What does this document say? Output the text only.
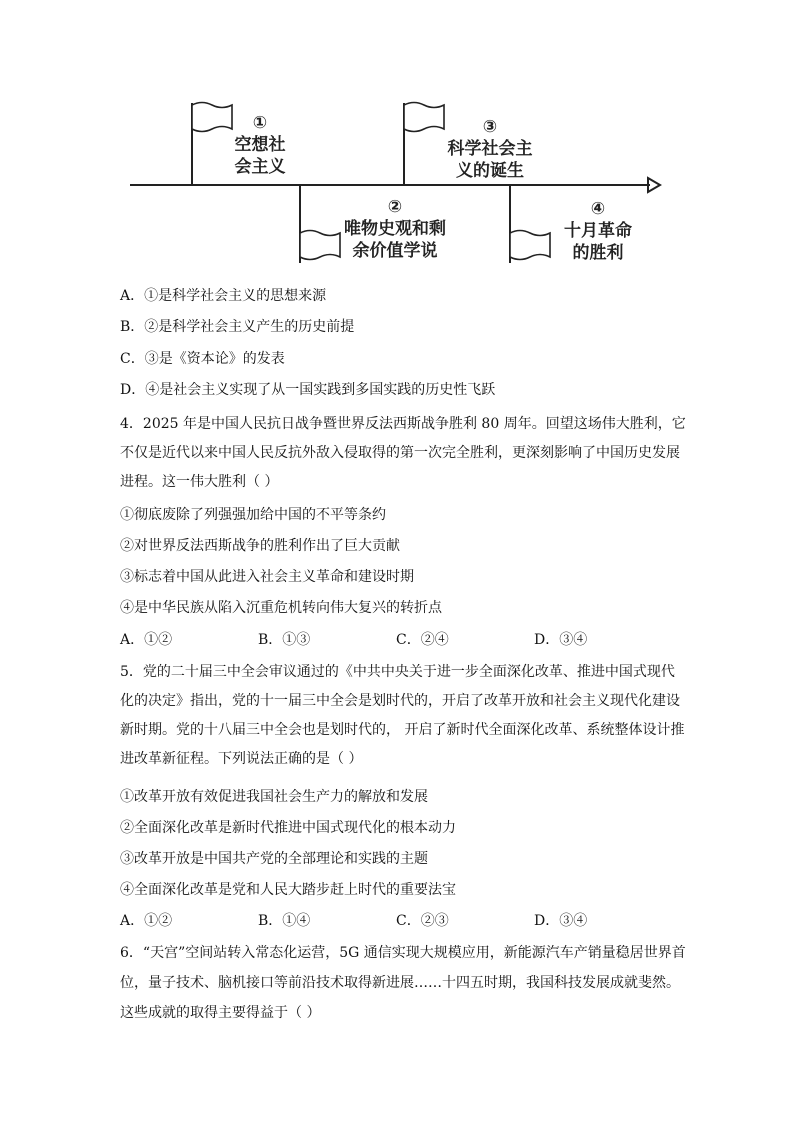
①
空想社
会主义
②
唯物史观和剩
余价值学说
③
科学社会主
义的诞生
④
十月革命
的胜利
A．①是科学社会主义的思想来源
B．②是科学社会主义产生的历史前提
C．③是《资本论》的发表
D．④是社会主义实现了从一国实践到多国实践的历史性飞跃
4．2025 年是中国人民抗日战争暨世界反法西斯战争胜利 80 周年。回望这场伟大胜利，它
不仅是近代以来中国人民反抗外敌入侵取得的第一次完全胜利，更深刻影响了中国历史发展
进程。这一伟大胜利（ ）
①彻底废除了列强强加给中国的不平等条约
②对世界反法西斯战争的胜利作出了巨大贡献
③标志着中国从此进入社会主义革命和建设时期
④是中华民族从陷入沉重危机转向伟大复兴的转折点
A．①②	B．①③	C．②④	D．③④
5．党的二十届三中全会审议通过的《中共中央关于进一步全面深化改革、推进中国式现代
化的决定》指出，党的十一届三中全会是划时代的，开启了改革开放和社会主义现代化建设
新时期。党的十八届三中全会也是划时代的， 开启了新时代全面深化改革、系统整体设计推
进改革新征程。下列说法正确的是（ ）
①改革开放有效促进我国社会生产力的解放和发展
②全面深化改革是新时代推进中国式现代化的根本动力
③改革开放是中国共产党的全部理论和实践的主题
④全面深化改革是党和人民大踏步赶上时代的重要法宝
A．①②	B．①④	C．②③	D．③④
6．“天宫”空间站转入常态化运营，5G 通信实现大规模应用，新能源汽车产销量稳居世界首
位，量子技术、脑机接口等前沿技术取得新进展……十四五时期，我国科技发展成就斐然。
这些成就的取得主要得益于（ ）
